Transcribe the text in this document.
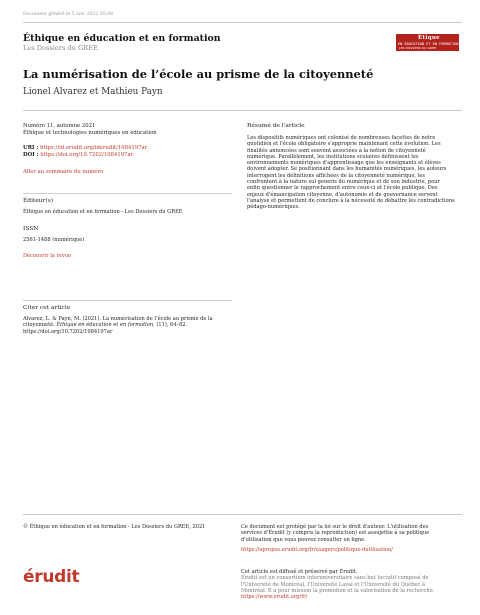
Document généré le 5 nov. 2022 05:06
Éthique en éducation et en formation
Les Dossiers du GREE
Étique
EN ÉDUCATION ET EN FORMATION
LES DOSSIERS DU GREE
La numérisation de l’école au prisme de la citoyenneté
Lionel Alvarez et Mathieu Payn
Numéro 11, automne 2021
Éthique et technologies numériques en éducation
URI : https://id.erudit.org/iderudit/1084197ar
DOI : https://doi.org/10.7202/1084197ar
Aller au sommaire du numéro
Éditeur(s)
Éthique en éducation et en formation - Les Dossiers du GREE
ISSN
2561-1488 (numérique)
Découvrir la revue
Citer cet article
Alvarez, L. & Payn, M. (2021). La numérisation de l’école au prisme de la
citoyenneté. Éthique en éducation et en formation, (11), 64–82.
https://doi.org/10.7202/1084197ar
Résumé de l'article
Les dispositifs numériques ont colonisé de nombreuses facettes de notre
quotidien et l'école obligatoire s'approprie maintenant cette évolution. Les
finalités annoncées sont souvent associées à la notion de citoyenneté
numérique. Parallèlement, les institutions scolaires définissent les
environnements numériques d'apprentissage que les enseignants et élèves
doivent adopter. Se positionnant dans les humanités numériques, les auteurs
interrogent les définitions affichées de la citoyenneté numérique, les
confrontent à la nature sui generis du numérique et de son industrie, pour
enfin questionner le rapprochement entre ceux-ci et l'école publique. Des
enjeux d'émancipation citoyenne, d'autonomie et de gouvernance servent
l'analyse et permettent de conclure à la nécessité de débattre les contradictions
pédago-numériques.
© Éthique en éducation et en formation - Les Dossiers du GREE, 2021	Ce document est protégé par la loi sur le droit d'auteur. L'utilisation des
services d'Érudit (y compris la reproduction) est assujettie à sa politique
d'utilisation que vous pouvez consulter en ligne.
https://apropos.erudit.org/fr/usagers/politique-dutilisation/
érudit	Cet article est diffusé et préservé par Érudit.
Érudit est un consortium interuniversitaire sans but lucratif composé de
l'Université de Montréal, l'Université Laval et l'Université du Québec à
Montréal. Il a pour mission la promotion et la valorisation de la recherche.
https://www.erudit.org/fr/
